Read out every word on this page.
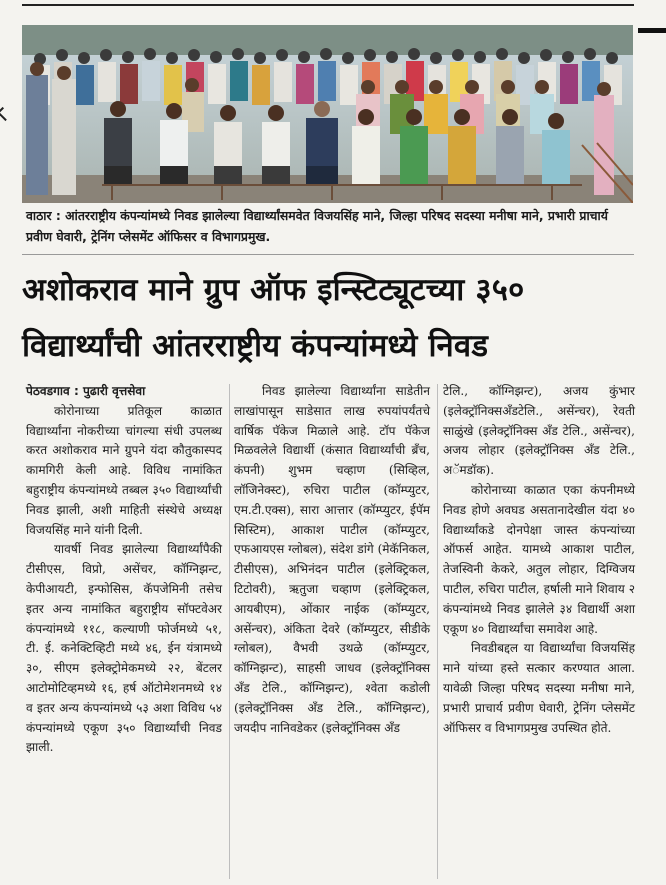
वाठार : आंतरराष्ट्रीय कंपन्यांमध्ये निवड झालेल्या विद्यार्थ्यांसमवेत विजयसिंह माने, जिल्हा परिषद सदस्या मनीषा माने, प्रभारी प्राचार्य प्रवीण घेवारी, ट्रेनिंग प्लेसमेंट ऑफिसर व विभागप्रमुख.
अशोकराव माने ग्रुप ऑफ इन्स्टिट्यूटच्या ३५०
विद्यार्थ्यांची आंतरराष्ट्रीय कंपन्यांमध्ये निवड

पेठवडगाव : पुढारी वृत्तसेवा

कोरोनाच्या प्रतिकूल काळात विद्यार्थ्यांना नोकरीच्या चांगल्या संधी उपलब्ध करत अशोकराव माने ग्रुपने यंदा कौतुकास्पद कामगिरी केली आहे. विविध नामांकित बहुराष्ट्रीय कंपन्यांमध्ये तब्बल ३५० विद्यार्थ्यांची निवड झाली, अशी माहिती संस्थेचे अध्यक्ष विजयसिंह माने यांनी दिली.

यावर्षी निवड झालेल्या विद्यार्थ्यांपैकी टीसीएस, विप्रो, असेंचर, कॉग्निझन्ट, केपीआयटी, इन्फोसिस, कॅपजेमिनी तसेच इतर अन्य नामांकित बहुराष्ट्रीय सॉफ्टवेअर कंपन्यांमध्ये ११८, कल्याणी फोर्जमध्ये ५१, टी. ई. कनेक्टिव्हिटी मध्ये ४६, ईन यंत्रामध्ये ३०, सीएम इलेक्ट्रोमेकमध्ये २२, बेंटलर आटोमोटिव्हमध्ये १६, हर्ष ऑटोमेशनमध्ये १४ व इतर अन्य कंपन्यांमध्ये ५३ अशा विविध ५४ कंपन्यांमध्ये एकूण ३५० विद्यार्थ्यांची निवड झाली.

निवड झालेल्या विद्यार्थ्यांना साडेतीन लाखांपासून साडेसात लाख रुपयांपर्यंतचे वार्षिक पॅकेज मिळाले आहे. टॉप पॅकेज मिळवलेले विद्यार्थी (कंसात विद्यार्थ्यांची ब्रँच, कंपनी) शुभम चव्हाण (सिव्हिल, लॉजिनेक्स्ट), रुचिरा पाटील (कॉम्प्युटर, एम.टी.एक्स), सारा आत्तार (कॉम्प्युटर, ईपॅम सिस्टिम), आकाश पाटील (कॉम्प्युटर, एफआयएस ग्लोबल), संदेश डांगे (मेकॅनिकल, टीसीएस), अभिनंदन पाटील (इलेक्ट्रिकल, टिटोवरी), ऋतुजा चव्हाण (इलेक्ट्रिकल, आयबीएम), ओंकार नाईक (कॉम्प्युटर, असेंन्चर), अंकिता देवरे (कॉम्प्युटर, सीडीके ग्लोबल), वैभवी उथळे (कॉम्प्युटर, कॉग्निझन्ट), साहसी जाधव (इलेक्ट्रॉनिक्स अँड टेलि., कॉग्निझन्ट), श्वेता कडोली (इलेक्ट्रॉनिक्स अँड टेलि., कॉग्निझन्ट), जयदीप नानिवडेकर (इलेक्ट्रॉनिक्स अँड

टेलि., कॉग्निझन्ट), अजय कुंभार (इलेक्ट्रॉनिक्सअँडटेलि., असेंन्चर), रेवती साळुंखे (इलेक्ट्रॉनिक्स अँड टेलि., असेंन्चर), अजय लोहार (इलेक्ट्रॉनिक्स अँड टेलि., अॅमडॉक).

कोरोनाच्या काळात एका कंपनीमध्ये निवड होणे अवघड असतानादेखील यंदा ४० विद्यार्थ्यांकडे दोनपेक्षा जास्त कंपन्यांच्या ऑफर्स आहेत. यामध्ये आकाश पाटील, तेजस्विनी केकरे, अतुल लोहार, दिग्विजय पाटील, रुचिरा पाटील, हर्षाली माने शिवाय २ कंपन्यांमध्ये निवड झालेले ३४ विद्यार्थी अशा एकूण ४० विद्यार्थ्यांचा समावेश आहे.

निवडीबद्दल या विद्यार्थ्यांचा विजयसिंह माने यांच्या हस्ते सत्कार करण्यात आला. यावेळी जिल्हा परिषद सदस्या मनीषा माने, प्रभारी प्राचार्य प्रवीण घेवारी, ट्रेनिंग प्लेसमेंट ऑफिसर व विभागप्रमुख उपस्थित होते.
